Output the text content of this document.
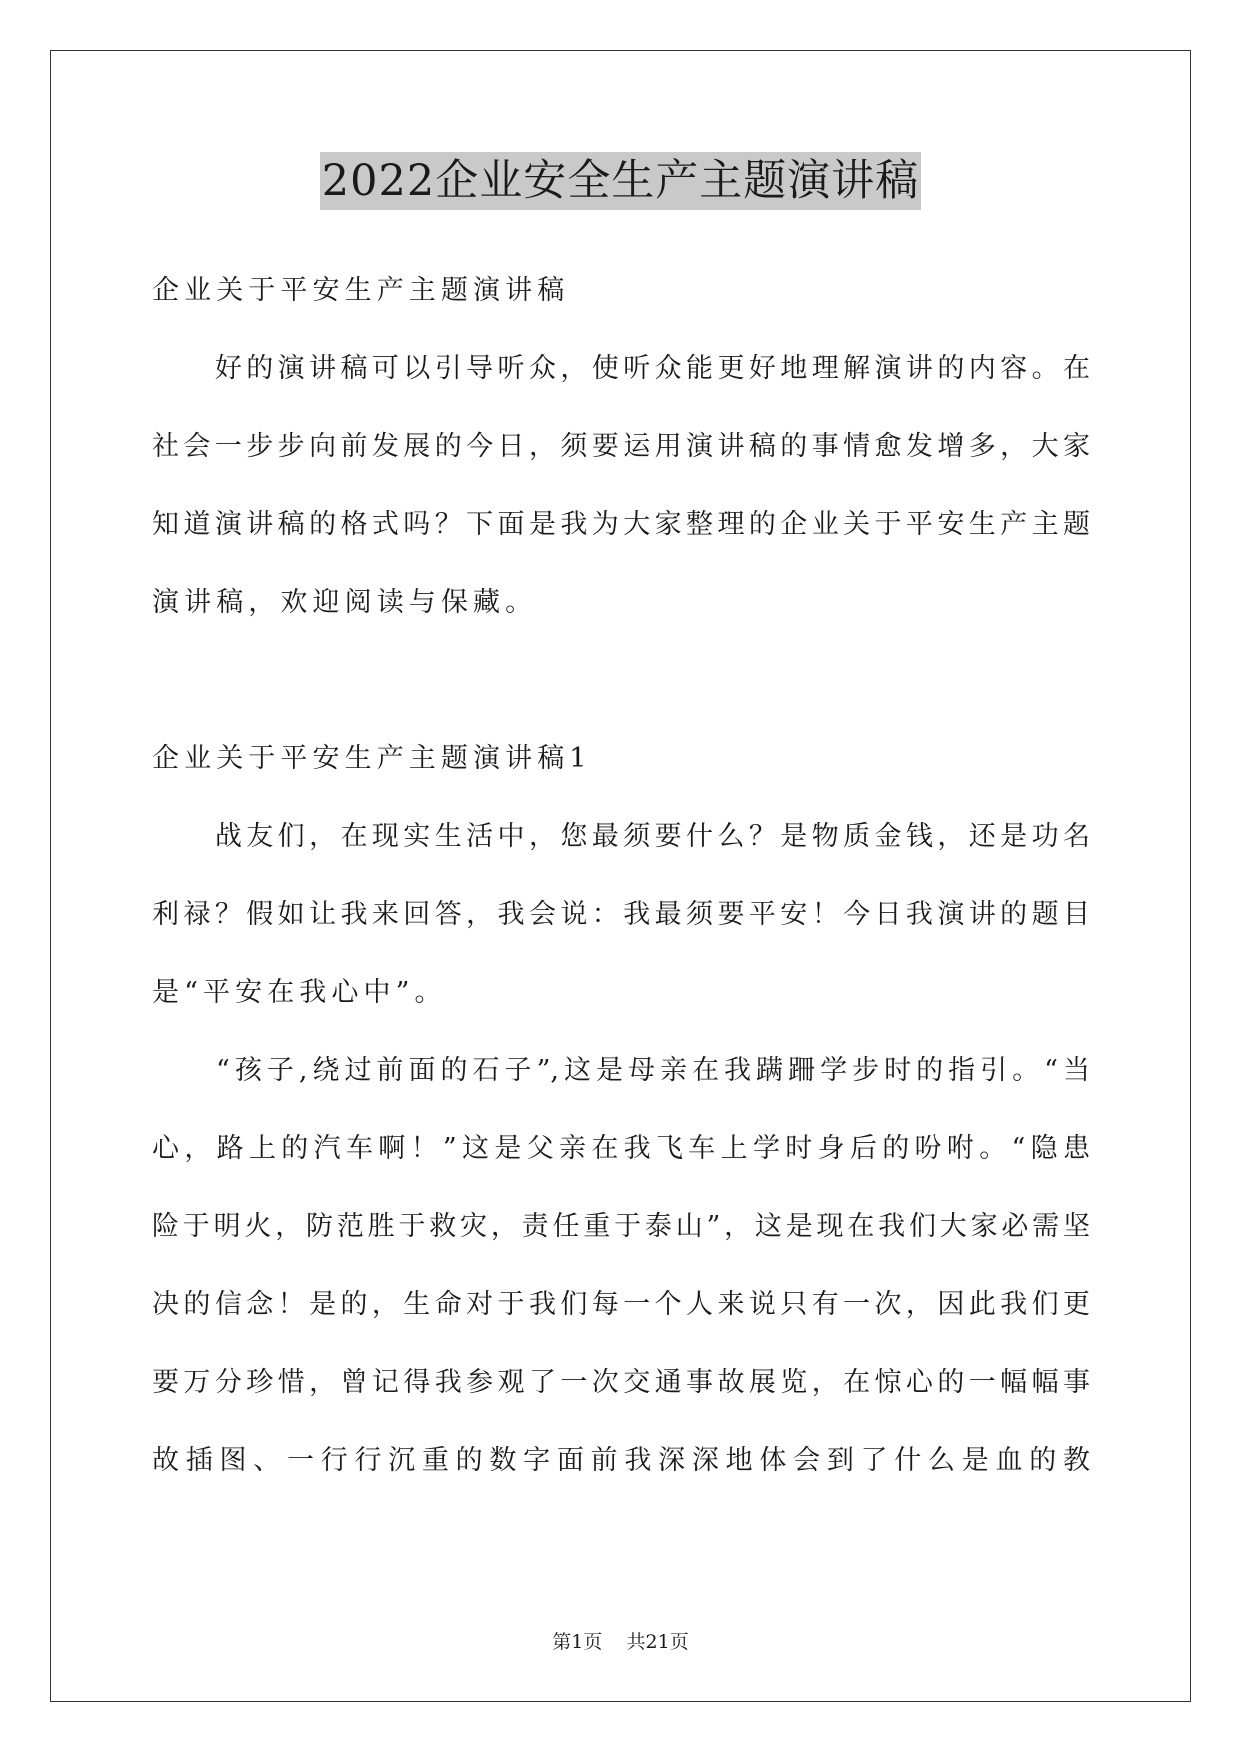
2022企业安全生产主题演讲稿
企业关于平安生产主题演讲稿
　　好的演讲稿可以引导听众，使听众能更好地理解演讲的内容。在
社会一步步向前发展的今日，须要运用演讲稿的事情愈发增多，大家
知道演讲稿的格式吗？下面是我为大家整理的企业关于平安生产主题
演讲稿，欢迎阅读与保藏。
企业关于平安生产主题演讲稿1
　　战友们，在现实生活中，您最须要什么？是物质金钱，还是功名
利禄？假如让我来回答，我会说：我最须要平安！今日我演讲的题目
是“平安在我心中”。
　　“孩子,绕过前面的石子”,这是母亲在我蹒跚学步时的指引。“当
心，路上的汽车啊！”这是父亲在我飞车上学时身后的吩咐。“隐患
险于明火，防范胜于救灾，责任重于泰山”，这是现在我们大家必需坚
决的信念！是的，生命对于我们每一个人来说只有一次，因此我们更
要万分珍惜，曾记得我参观了一次交通事故展览，在惊心的一幅幅事
故插图、一行行沉重的数字面前我深深地体会到了什么是血的教
第1页 共21页
